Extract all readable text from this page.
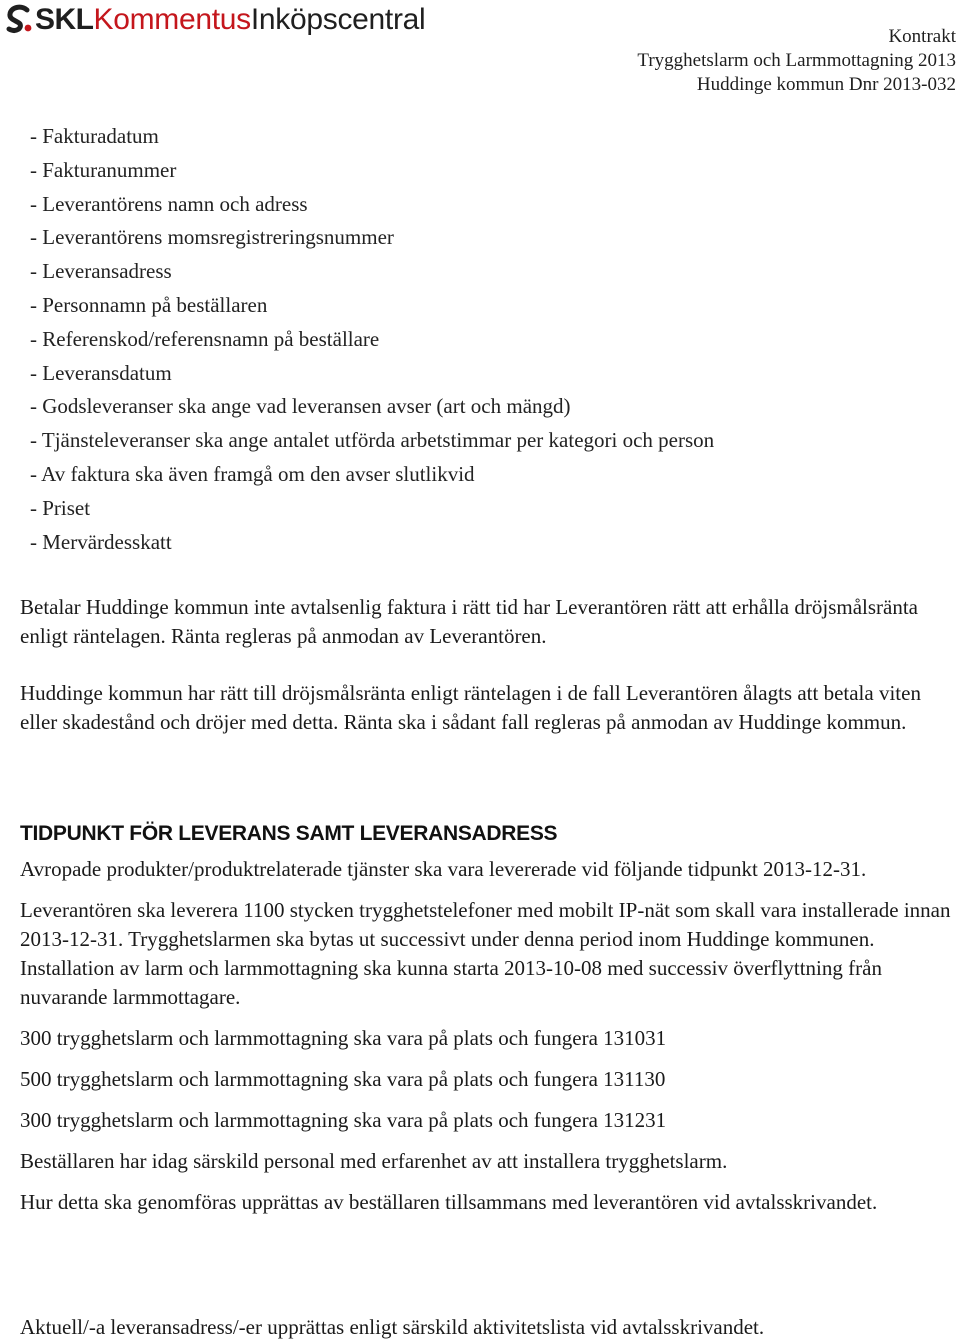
SKL Kommentus Inköpscentral
Kontrakt
Trygghetslarm och Larmmottagning 2013
Huddinge kommun Dnr 2013-032
- Fakturadatum
- Fakturanummer
- Leverantörens namn och adress
- Leverantörens momsregistreringsnummer
- Leveransadress
- Personnamn på beställaren
- Referenskod/referensnamn på beställare
- Leveransdatum
- Godsleveranser ska ange vad leveransen avser (art och mängd)
- Tjänsteleveranser ska ange antalet utförda arbetstimmar per kategori och person
- Av faktura ska även framgå om den avser slutlikvid
- Priset
- Mervärdesskatt

Betalar Huddinge kommun inte avtalsenlig faktura i rätt tid har Leverantören rätt att erhålla dröjsmålsränta enligt räntelagen. Ränta regleras på anmodan av Leverantören.

Huddinge kommun har rätt till dröjsmålsränta enligt räntelagen i de fall Leverantören ålagts att betala viten eller skadestånd och dröjer med detta. Ränta ska i sådant fall regleras på anmodan av Huddinge kommun.

TIDPUNKT FÖR LEVERANS SAMT LEVERANSADRESS

Avropade produkter/produktrelaterade tjänster ska vara levererade vid följande tidpunkt 2013-12-31.

Leverantören ska leverera 1100 stycken trygghetstelefoner med mobilt IP-nät som skall vara installerade innan 2013-12-31. Trygghetslarmen ska bytas ut successivt under denna period inom Huddinge kommunen. Installation av larm och larmmottagning ska kunna starta 2013-10-08 med successiv överflyttning från nuvarande larmmottagare.

300 trygghetslarm och larmmottagning ska vara på plats och fungera 131031

500 trygghetslarm och larmmottagning ska vara på plats och fungera 131130

300 trygghetslarm och larmmottagning ska vara på plats och fungera 131231

Beställaren har idag särskild personal med erfarenhet av att installera trygghetslarm.

Hur detta ska genomföras upprättas av beställaren tillsammans med leverantören vid avtalsskrivandet.

Aktuell/-a leveransadress/-er upprättas enligt särskild aktivitetslista vid avtalsskrivandet.
